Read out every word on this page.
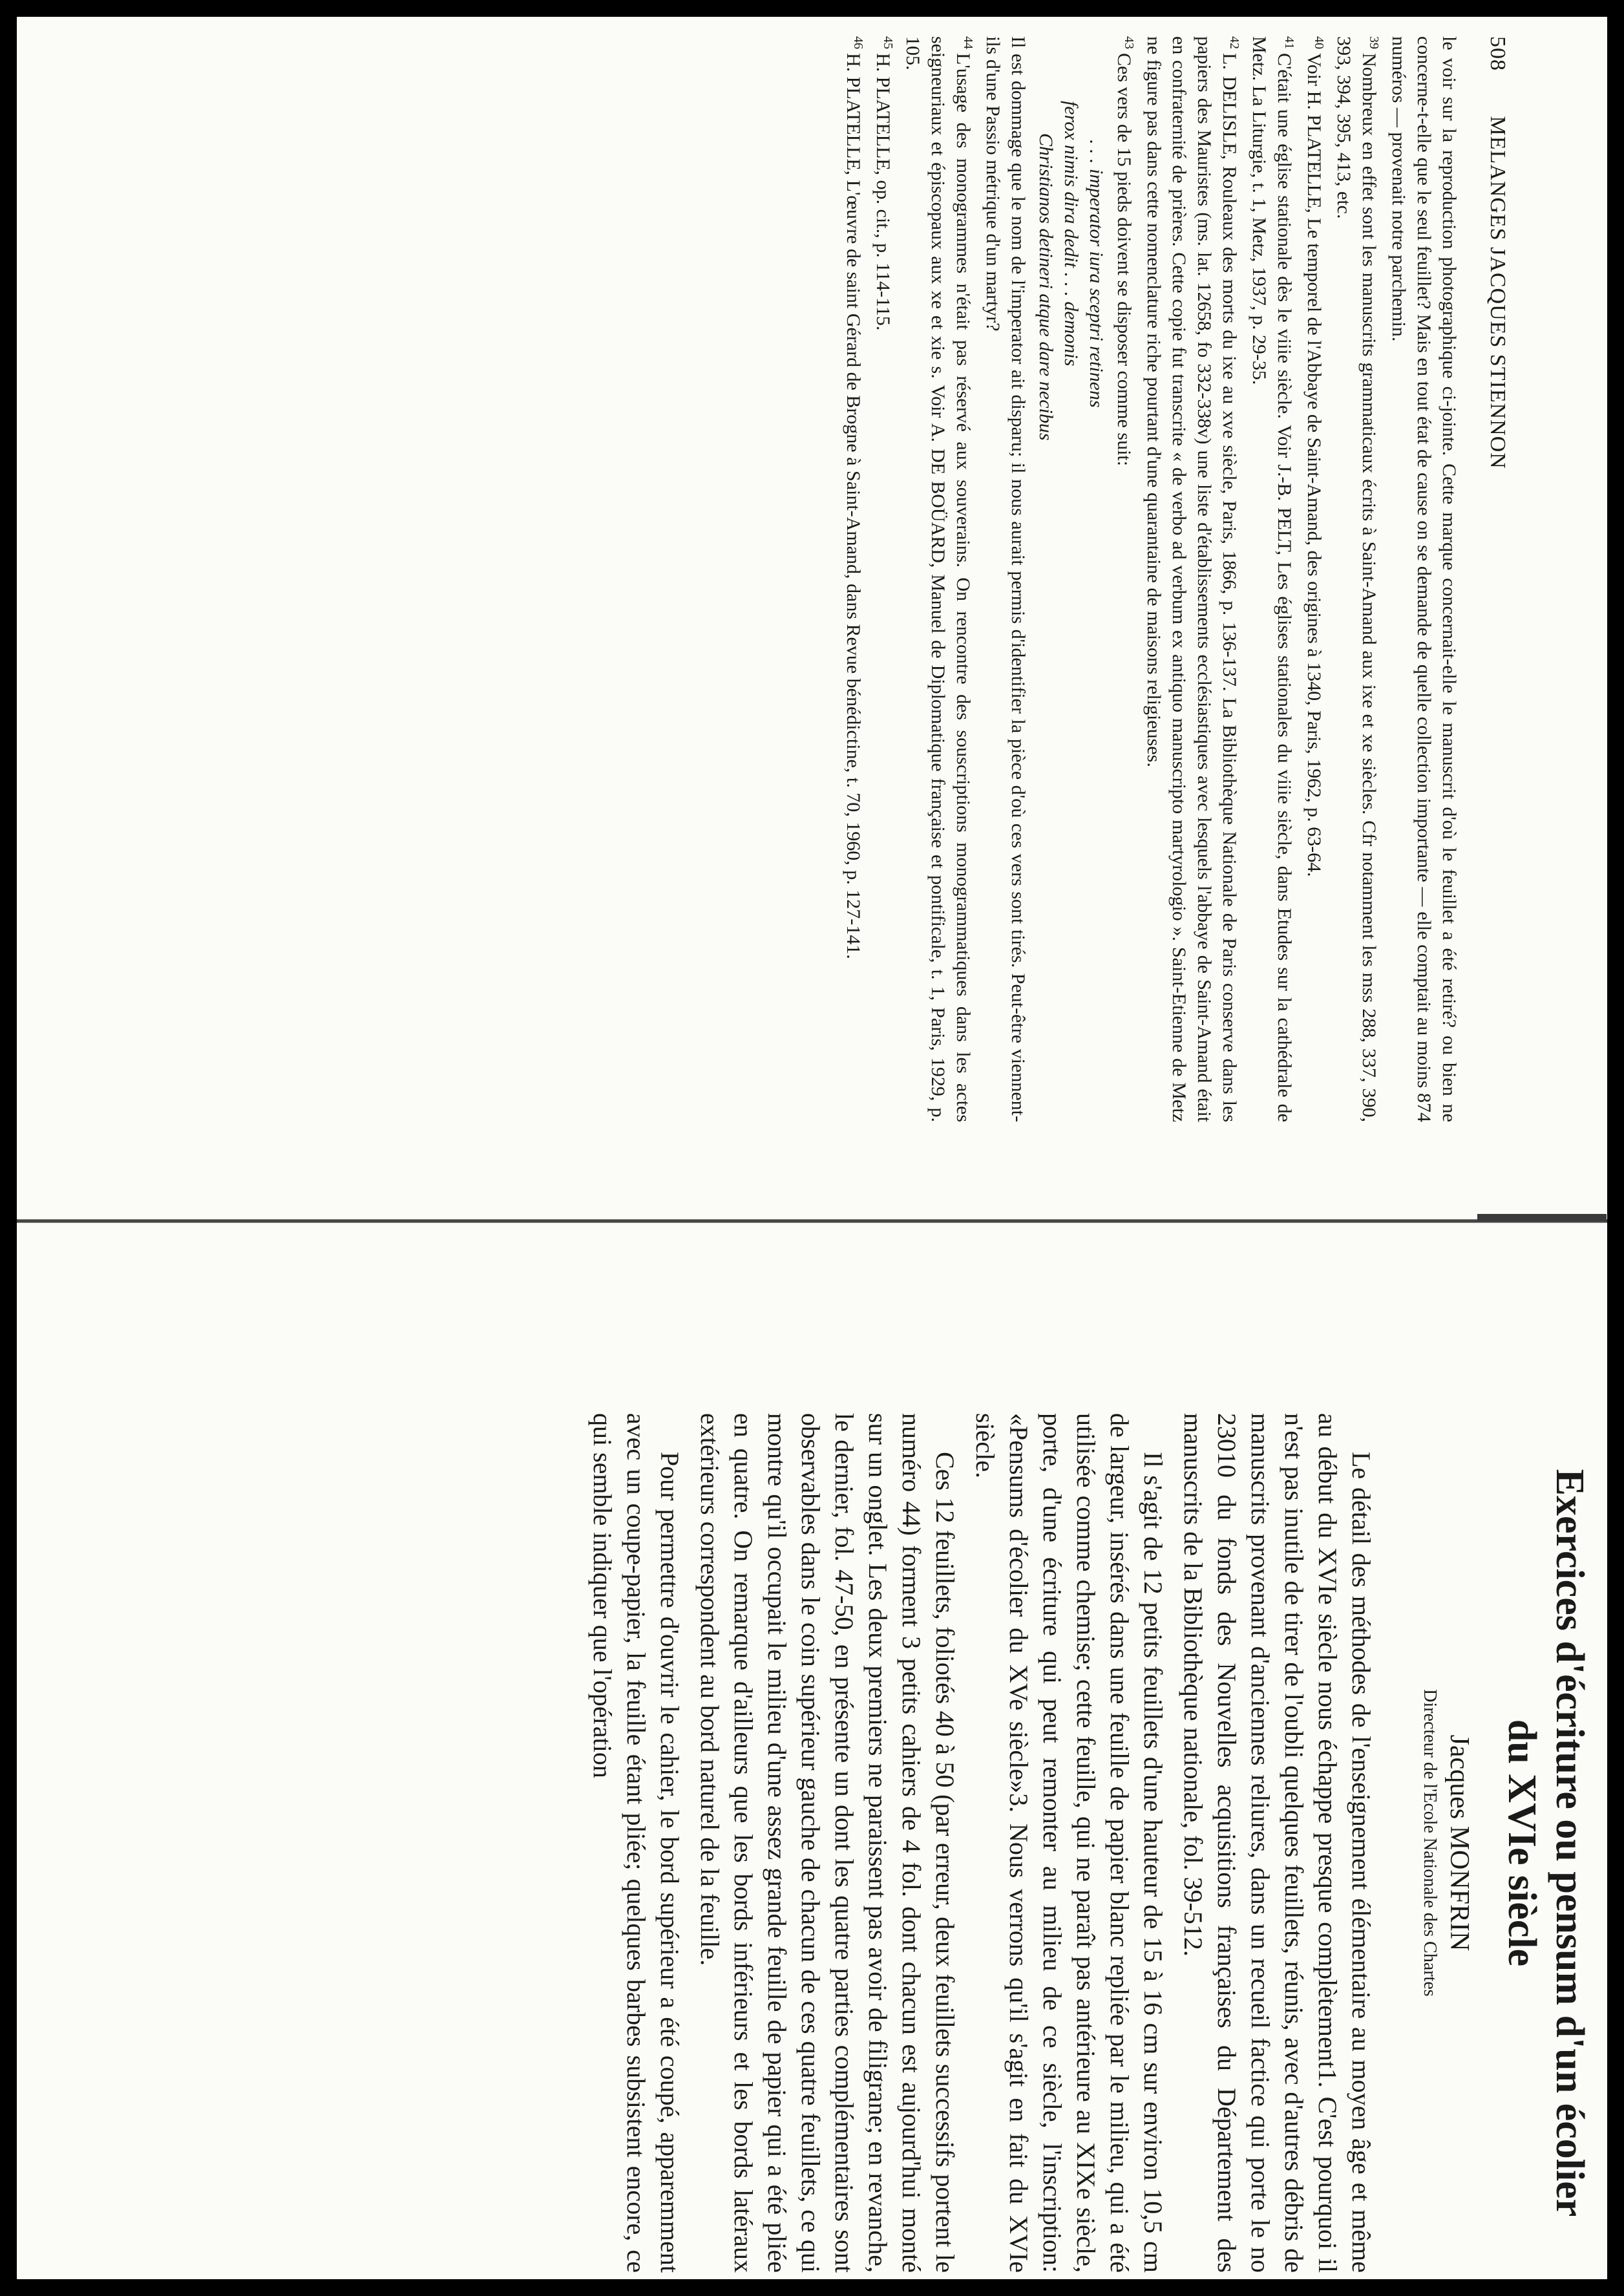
508 MELANGES JACQUES STIENNON

le voir sur la reproduction photographique ci-jointe. Cette marque concernait-elle le manuscrit d'où le feuillet a été retiré? ou bien ne concerne-t-elle que le seul feuillet? Mais en tout état de cause on se demande de quelle collection importante — elle comptait au moins 874 numéros — provenait notre parchemin.

$^{39}$Nombreux en effet sont les manuscrits grammaticaux écrits à Saint-Amand aux ixe et xe siècles. Cfr notamment les mss 288, 337, 390, 393, 394, 395, 413, etc.

$^{40}$Voir H. PLATELLE, Le temporel de l'Abbaye de Saint-Amand, des origines à 1340, Paris, 1962, p. 63-64.

$^{41}$C'était une église stationale dès le viiie siècle. Voir J.-B. PELT, Les églises stationales du viiie siècle, dans Etudes sur la cathédrale de Metz. La Liturgie, t. 1, Metz, 1937, p. 29-35.

$^{42}$L. DELISLE, Rouleaux des morts du ixe au xve siècle, Paris, 1866, p. 136-137. La Bibliothèque Nationale de Paris conserve dans les papiers des Mauristes (ms. lat. 12658, fo 332-338v) une liste d'établissements ecclésiastiques avec lesquels l'abbaye de Saint-Amand était en confraternité de prières. Cette copie fut transcrite « de verbo ad verbum ex antiquo manuscripto martyrologio ». Saint-Etienne de Metz ne figure pas dans cette nomenclature riche pourtant d'une quarantaine de maisons religieuses.

$^{43}$Ces vers de 15 pieds doivent se disposer comme suit:

. . . imperator iura sceptri retinens
ferox nimis dira dedit . . . demonis
Christianos detineri atque dare necibus

Il est dommage que le nom de l'imperator ait disparu; il nous aurait permis d'identifier la pièce d'où ces vers sont tirés. Peut-être viennent-ils d'une Passio métrique d'un martyr?

$^{44}$L'usage des monogrammes n'était pas réservé aux souverains. On rencontre des souscriptions monogrammatiques dans les actes seigneuriaux et épiscopaux aux xe et xie s. Voir A. DE BOÜARD, Manuel de Diplomatique française et pontificale, t. 1, Paris, 1929, p. 105.

$^{45}$H. PLATELLE, op. cit., p. 114-115.

$^{46}$H. PLATELLE, L'œuvre de saint Gérard de Brogne à Saint-Amand, dans Revue bénédictine, t. 70, 1960, p. 127-141.

Exercices d'écriture ou pensum d'un écolier
du XVIe siècle

Jacques MONFRIN

Directeur de l'Ecole Nationale des Chartes

Le détail des méthodes de l'enseignement élémentaire au moyen âge et même au début du XVIe siècle nous échappe presque complètement1. C'est pourquoi il n'est pas inutile de tirer de l'oubli quelques feuillets, réunis, avec d'autres débris de manuscrits provenant d'anciennes reliures, dans un recueil factice qui porte le no 23010 du fonds des Nouvelles acquisitions françaises du Département des manuscrits de la Bibliothèque nationale, fol. 39-512.

Il s'agit de 12 petits feuillets d'une hauteur de 15 à 16 cm sur environ 10,5 cm de largeur, insérés dans une feuille de papier blanc repliée par le milieu, qui a été utilisée comme chemise; cette feuille, qui ne paraît pas antérieure au XIXe siècle, porte, d'une écriture qui peut remonter au milieu de ce siècle, l'inscription: «Pensums d'écolier du XVe siècle»3. Nous verrons qu'il s'agit en fait du XVIe siècle.

Ces 12 feuillets, foliotés 40 à 50 (par erreur, deux feuillets successifs portent le numéro 44) forment 3 petits cahiers de 4 fol. dont chacun est aujourd'hui monté sur un onglet. Les deux premiers ne paraissent pas avoir de filigrane; en revanche, le dernier, fol. 47-50, en présente un dont les quatre parties complémentaires sont observables dans le coin supérieur gauche de chacun de ces quatre feuillets, ce qui montre qu'il occupait le milieu d'une assez grande feuille de papier qui a été pliée en quatre. On remarque d'ailleurs que les bords inférieurs et les bords latéraux extérieurs correspondent au bord naturel de la feuille.

Pour permettre d'ouvrir le cahier, le bord supérieur a été coupé, apparemment avec un coupe-papier, la feuille étant pliée; quelques barbes subsistent encore, ce qui semble indiquer que l'opération
